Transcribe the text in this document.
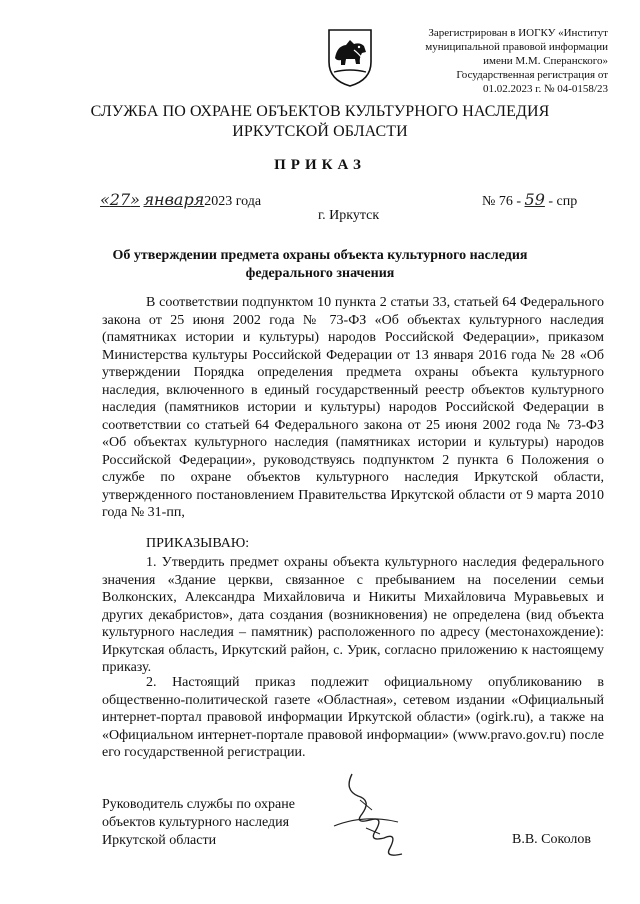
Зарегистрирован в ИОГКУ «Институт
муниципальной правовой информации
имени М.М. Сперанского»
Государственная регистрация от
01.02.2023 г. № 04-0158/23
СЛУЖБА ПО ОХРАНЕ ОБЪЕКТОВ КУЛЬТУРНОГО НАСЛЕДИЯ
ИРКУТСКОЙ ОБЛАСТИ
ПРИКАЗ
«27» января2023 года	№ 76 - 59 - спр
г. Иркутск
Об утверждении предмета охраны объекта культурного наследия
федерального значения

В соответствии подпунктом 10 пункта 2 статьи 33, статьей 64 Федерального закона от 25 июня 2002 года № 73-ФЗ «Об объектах культурного наследия (памятниках истории и культуры) народов Российской Федерации», приказом Министерства культуры Российской Федерации от 13 января 2016 года № 28 «Об утверждении Порядка определения предмета охраны объекта культурного наследия, включенного в единый государственный реестр объектов культурного наследия (памятников истории и культуры) народов Российской Федерации в соответствии со статьей 64 Федерального закона от 25 июня 2002 года № 73-ФЗ «Об объектах культурного наследия (памятниках истории и культуры) народов Российской Федерации», руководствуясь подпунктом 2 пункта 6 Положения о службе по охране объектов культурного наследия Иркутской области, утвержденного постановлением Правительства Иркутской области от 9 марта 2010 года № 31-пп,

ПРИКАЗЫВАЮ:

1. Утвердить предмет охраны объекта культурного наследия федерального значения «Здание церкви, связанное с пребыванием на поселении семьи Волконских, Александра Михайловича и Никиты Михайловича Муравьевых и других декабристов», дата создания (возникновения) не определена (вид объекта культурного наследия – памятник) расположенного по адресу (местонахождение): Иркутская область, Иркутский район, с. Урик, согласно приложению к настоящему приказу.

2. Настоящий приказ подлежит официальному опубликованию в общественно-политической газете «Областная», сетевом издании «Официальный интернет-портал правовой информации Иркутской области» (ogirk.ru), а также на «Официальном интернет-портале правовой информации» (www.pravo.gov.ru) после его государственной регистрации.

Руководитель службы по охране
объектов культурного наследия
Иркутской области	В.В. Соколов
